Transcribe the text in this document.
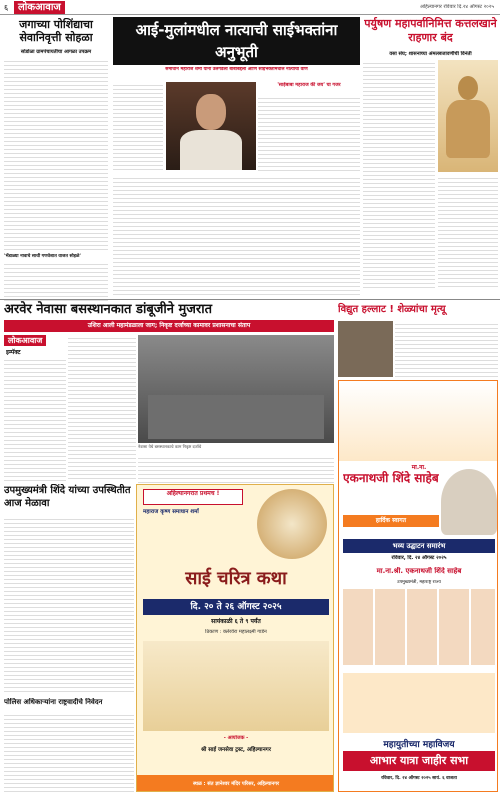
६ लोकआवाज	अहिल्यानगर रविवार दि.२४ ऑगस्ट २०२५
जगाच्या पोशिंद्याचा सेवानिवृत्ती सोहळा
सोडोळा ग्रामपंचायतीचा आगळा उपक्रम
'भेंडाळ्या नावाचे साथी गणवेशात वाजत सोहळे'
आई-मुलांमधील नात्याची साईभक्तांना अनुभूती
समाधान महाराज शर्मा यांनी उलगडली बाबांबद्दली आणि साईभक्तांमधील नात्याची वीण
'साईबाबा महाराज की जय' चा गजर
पर्युषण महापर्वानिमित्त कत्तलखाने राहणार बंद
वसा संघ; शासनाच्या अंमलबजावणीची विनंती
अरवेर नेवासा बसस्थानकात डांबूजीने मुजरात	विद्युत हल्लाट ! शेळ्यांचा मृत्यू
उशिरा आली महामंडळाला जाग; निकृष्ट दर्जाच्या कामावर प्रशासनाचा संताप
लोकआवाज
इम्पॅक्ट
नेवासा येथे बसस्थानकाचे काम निकृष्ट दर्जाचे
उपमुख्यमंत्री शिंदे यांच्या उपस्थितीत आज मेळावा
पोलिस अधिकाऱ्यांना राष्ट्रवादीचे निवेदन
अहिल्यानगरात प्रथमच !
महाराज कृष्ण समाधान शर्मा
साई चरित्र कथा
दि. २० ते २६ ऑगस्ट २०२५
सायंकाळी ६ ते ९ पर्यंत
ठिकाण : क्लेरवेरा महालक्ष्मी गार्डन
- आयोजक -
श्री साई जनसेवा ट्रस्ट, अहिल्यानगर
स्थळ : संत ज्ञानेश्वर मंदिर परिसर, अहिल्यानगर
मा.ना.
एकनाथजी शिंदे साहेब
हार्दिक स्वागत
भव्य उद्घाटन समारंभ
रविवार, दि. २४ ऑगस्ट २०२५
मा.ना.श्री. एकनाथजी शिंदे साहेब
उपमुख्यमंत्री, महाराष्ट्र राज्य
महायुतीच्या महाविजय
आभार यात्रा जाहीर सभा
रविवार, दि. २४ ऑगस्ट २०२५ सायं. ६ वाजता
